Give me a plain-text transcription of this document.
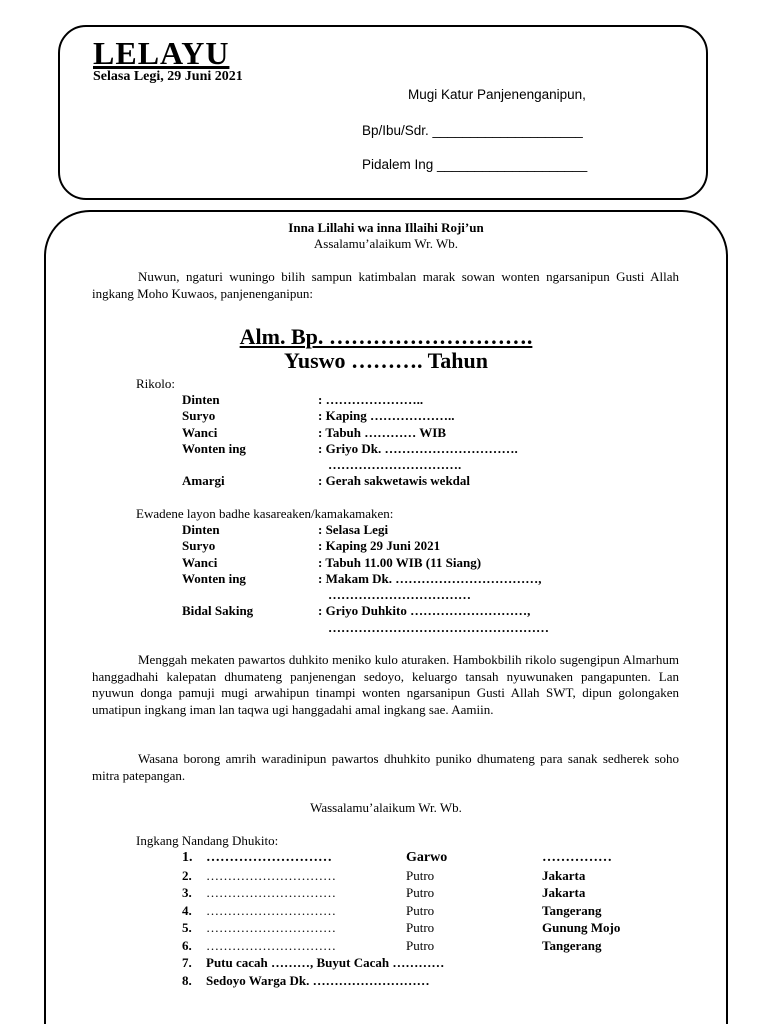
LELAYU
Selasa Legi, 29 Juni 2021
Mugi Katur Panjenenganipun,
Bp/Ibu/Sdr. ____________________
Pidalem Ing ____________________
Inna Lillahi wa inna Illaihi Roji’un
Assalamu’alaikum Wr. Wb.
Nuwun, ngaturi wuningo bilih sampun katimbalan marak sowan wonten ngarsanipun Gusti Allah ingkang Moho Kuwaos, panjenenganipun:
Alm. Bp. ……………………….
Yuswo ………. Tahun
Rikolo:
Dinten	: …………………..
Suryo	: Kaping ………………..
Wanci	: Tabuh ………… WIB
Wonten ing	: Griyo Dk. ………………………….
………………………….
Amargi	: Gerah sakwetawis wekdal
Ewadene layon badhe kasareaken/kamakamaken:
Dinten	: Selasa Legi
Suryo	: Kaping 29 Juni 2021
Wanci	: Tabuh 11.00 WIB (11 Siang)
Wonten ing	: Makam Dk. ……………………………,
……………………………
Bidal Saking	: Griyo Duhkito ………………………,
……………………………………………
Menggah mekaten pawartos duhkito meniko kulo aturaken. Hambokbilih rikolo sugengipun Almarhum hanggadhahi kalepatan dhumateng panjenengan sedoyo, keluargo tansah nyuwunaken pangapunten. Lan nyuwun donga pamuji mugi arwahipun tinampi wonten ngarsanipun Gusti Allah SWT, dipun golongaken umatipun ingkang iman lan taqwa ugi hanggadahi amal ingkang sae. Aamiin.
Wasana borong amrih waradinipun pawartos dhuhkito puniko dhumateng para sanak sedherek soho mitra patepangan.
Wassalamu’alaikum Wr. Wb.
Ingkang Nandang Dhukito:
1. ………………………	Garwo	……………
2.	…………………………	Putro	Jakarta
3.	…………………………	Putro	Jakarta
4.	…………………………	Putro	Tangerang
5.	…………………………	Putro	Gunung Mojo
6.	…………………………	Putro	Tangerang
7.	Putu cacah ………, Buyut Cacah …………
8.	Sedoyo Warga Dk. ………………………
